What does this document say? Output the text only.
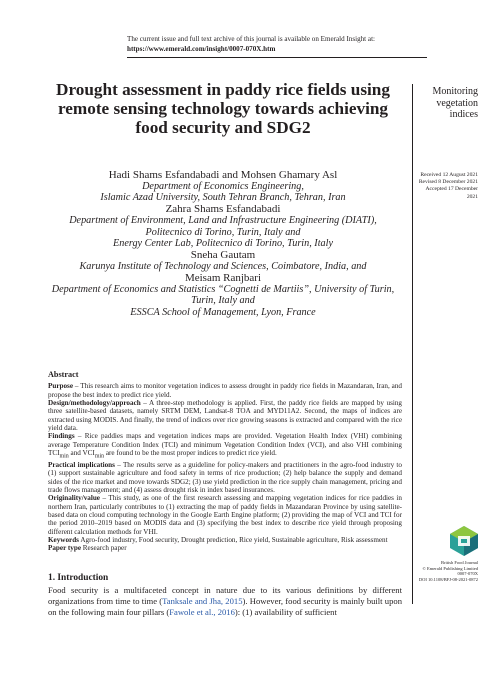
The current issue and full text archive of this journal is available on Emerald Insight at:
https://www.emerald.com/insight/0007-070X.htm
Drought assessment in paddy rice fields using remote sensing technology towards achieving food security and SDG2
Hadi Shams Esfandabadi and Mohsen Ghamary Asl
Department of Economics Engineering,
Islamic Azad University, South Tehran Branch, Tehran, Iran
Zahra Shams Esfandabadi
Department of Environment, Land and Infrastructure Engineering (DIATI),
Politecnico di Torino, Turin, Italy and
Energy Center Lab, Politecnico di Torino, Turin, Italy
Sneha Gautam
Karunya Institute of Technology and Sciences, Coimbatore, India, and
Meisam Ranjbari
Department of Economics and Statistics “Cognetti de Martiis”, University of Turin,
Turin, Italy and
ESSCA School of Management, Lyon, France
Monitoring vegetation indices
Received 12 August 2021
Revised 8 December 2021
Accepted 17 December 2021
Abstract

Purpose – This research aims to monitor vegetation indices to assess drought in paddy rice fields in Mazandaran, Iran, and propose the best index to predict rice yield.

Design/methodology/approach – A three-step methodology is applied. First, the paddy rice fields are mapped by using three satellite-based datasets, namely SRTM DEM, Landsat-8 TOA and MYD11A2. Second, the maps of indices are extracted using MODIS. And finally, the trend of indices over rice growing seasons is extracted and compared with the rice yield data.

Findings – Rice paddies maps and vegetation indices maps are provided. Vegetation Health Index (VHI) combining average Temperature Condition Index (TCI) and minimum Vegetation Condition Index (VCI), and also VHI combining $TCI_{min}$ and $VCI_{min}$ are found to be the most proper indices to predict rice yield.

Practical implications – The results serve as a guideline for policy-makers and practitioners in the agro-food industry to (1) support sustainable agriculture and food safety in terms of rice production; (2) help balance the supply and demand sides of the rice market and move towards SDG2; (3) use yield prediction in the rice supply chain management, pricing and trade flows management; and (4) assess drought risk in index based insurances.

Originality/value – This study, as one of the first research assessing and mapping vegetation indices for rice paddies in northern Iran, particularly contributes to (1) extracting the map of paddy fields in Mazandaran Province by using satellite-based data on cloud computing technology in the Google Earth Engine platform; (2) providing the map of VCI and TCI for the period 2010–2019 based on MODIS data and (3) specifying the best index to describe rice yield through proposing different calculation methods for VHI.

Keywords Agro-food industry, Food security, Drought prediction, Rice yield, Sustainable agriculture, Risk assessment

Paper type Research paper

1. Introduction
Food security is a multifaceted concept in nature due to its various definitions by different organizations from time to time (Tanksale and Jha, 2015). However, food security is mainly built upon on the following main four pillars (Fawole et al., 2016): (1) availability of sufficient
British Food Journal
© Emerald Publishing Limited
0007-070X
DOI 10.1108/BFJ-08-2021-0872
